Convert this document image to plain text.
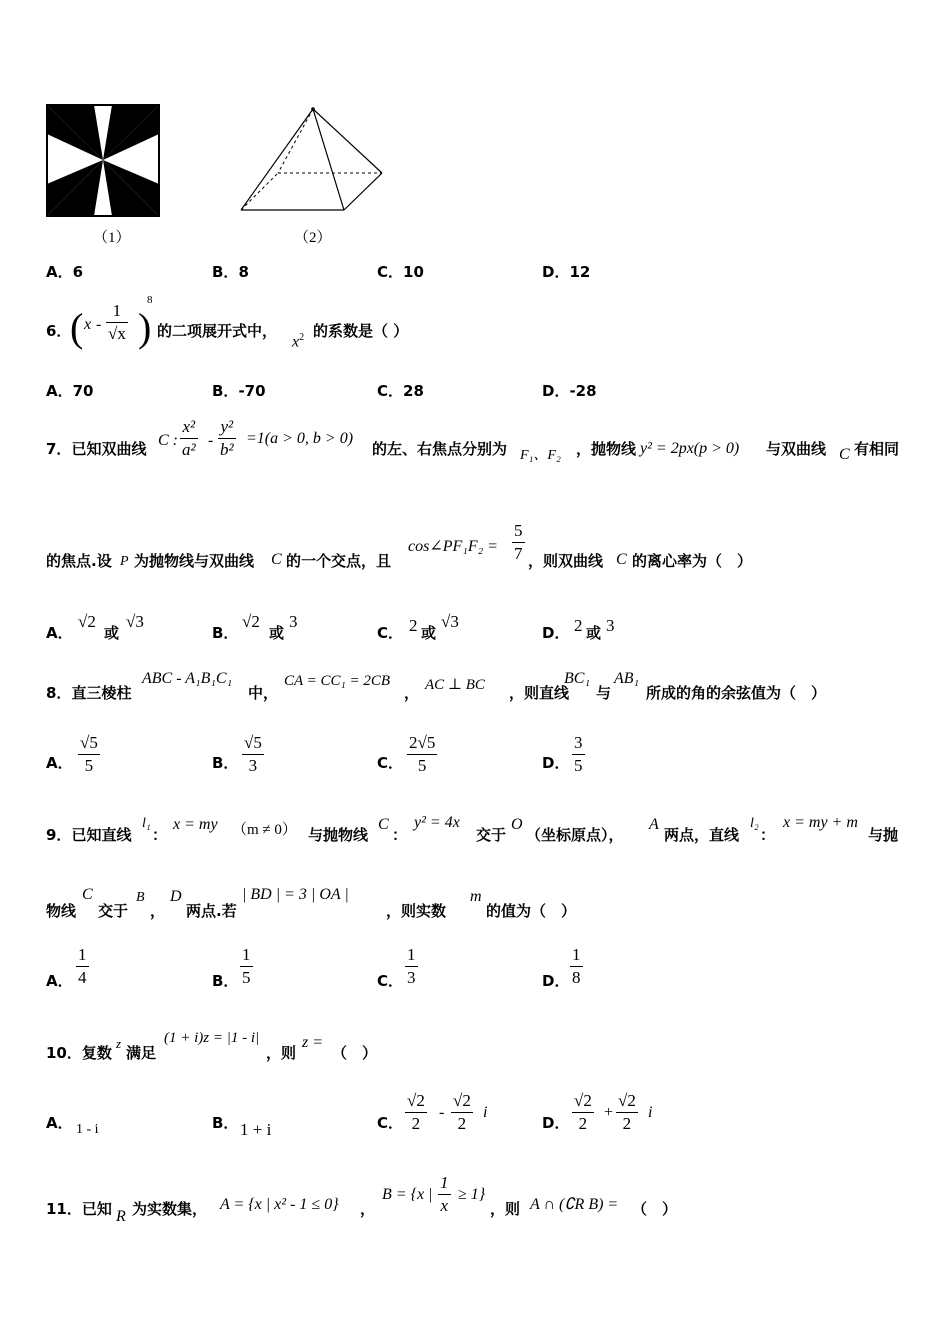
（1）	（2）
A．6	B．8	C．10	D．12
6．
( x - $\frac{1}{√x}$ )
8
的二项展开式中，
$x^2$ 的系数是（ ）
A．70	B．-70	C．28	D．-28
7．已知双曲线 C : $\frac{\text{x²}}{\text{a²}} - \frac{\text{y²}}{\text{b²}} =1(a > 0$, b > 0)
的左、右焦点分别为 F₁、F₂ ，抛物线 y² = 2px(p > 0) 与双曲线 C 有相同
的焦点.设 P 为抛物线与双曲线 C 的一个交点，且
cos∠PF₁F₂ = $\frac{5}{7}$ ，则双曲线 C 的离心率为（　）
A．
√2
或
√3
B．
√2
或
3
C． 2 或
√3
D． 2 或 3
8．直三棱柱
ABC - A₁B₁C₁
中，
CA = CC₁ = 2CB
， AC ⊥ BC ，则直线
BC₁
与
AB₁
所成的角的余弦值为（　）
A． $\frac{√5}{5}$	B． $\frac{√5}{3}$	C． $\frac{2√5}{5}$	D． $\frac{3}{5}$
9．已知直线
l₁
：
x = my （m ≠ 0） 与抛物线
C
：
y² = 4x
交于
O
（坐标原点），
A
两点，直线
l₂
：
x = my + m
与抛
物线
C
交于
B
，
D
两点.若
| BD | = 3 | OA |
，则实数
m
的值为（　）
A． $\frac{1}{4}$	B． $\frac{1}{5}$	C． $\frac{1}{3}$	D． $\frac{1}{8}$
10．复数
z
满足
(1 + i)z = |1 - i|
，则
z =
（　）
A． 1 - i	B． 1 + i	C． $\frac{√2}{2} - \frac{√2}{2}$ i
D． $\frac{√2}{2} + \frac{√2}{2}$ i
11．已知 R 为实数集， A = {x | x² - 1 ≤ 0} ，
B = {x | $\frac{1}{x} \ge 1$}
，则 A ∩ (∁R B) = （　）
